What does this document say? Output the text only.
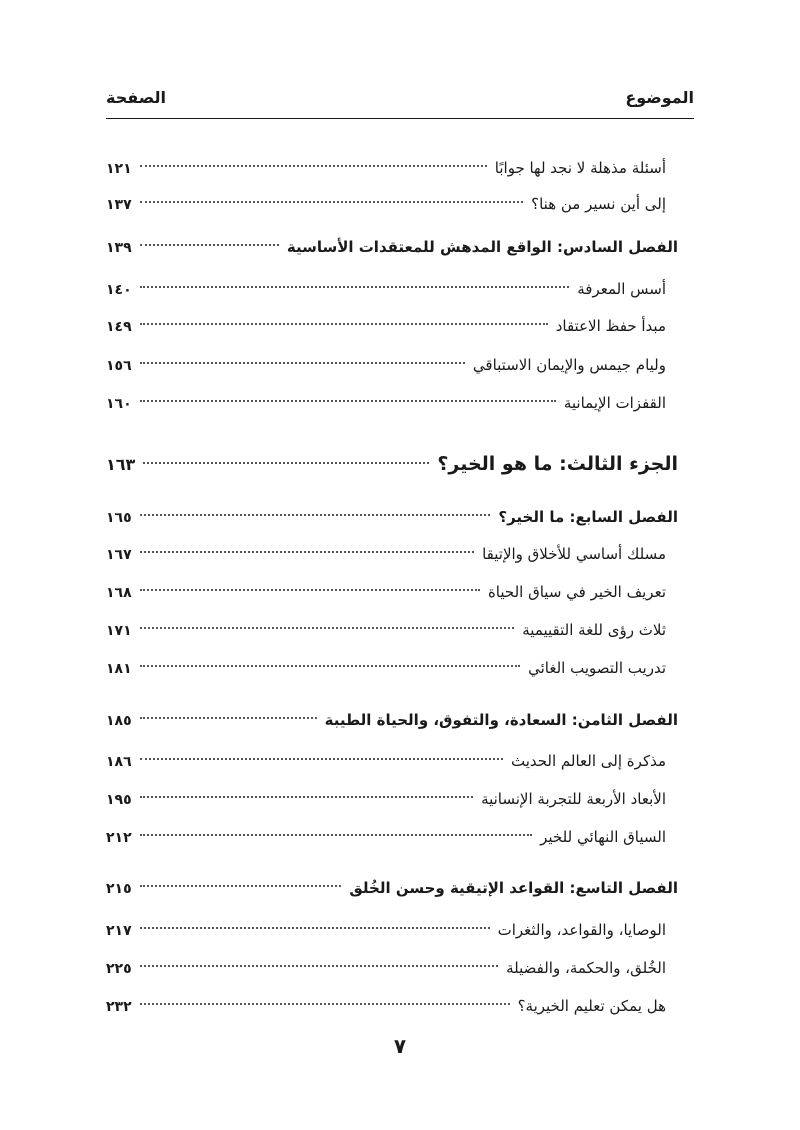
الموضوع
الصفحة
أسئلة مذهلة لا نجد لها جوابًا
١٢١
إلى أين نسير من هنا؟
١٣٧
الفصل السادس: الواقع المدهش للمعتقدات الأساسية
١٣٩
أسس المعرفة
١٤٠
مبدأ حفظ الاعتقاد
١٤٩
وليام جيمس والإيمان الاستباقي
١٥٦
القفزات الإيمانية
١٦٠
الجزء الثالث: ما هو الخير؟
١٦٣
الفصل السابع: ما الخير؟
١٦٥
مسلك أساسي للأخلاق والإتيقا
١٦٧
تعريف الخير في سياق الحياة
١٦٨
ثلاث رؤى للغة التقييمية
١٧١
تدريب التصويب الغائي
١٨١
الفصل الثامن: السعادة، والتفوق، والحياة الطيبة
١٨٥
مذكرة إلى العالم الحديث
١٨٦
الأبعاد الأربعة للتجربة الإنسانية
١٩٥
السياق النهائي للخير
٢١٢
الفصل التاسع: القواعد الإتيقية وحسن الخُلق
٢١٥
الوصايا، والقواعد، والثغرات
٢١٧
الخُلق، والحكمة، والفضيلة
٢٢٥
هل يمكن تعليم الخيرية؟
٢٣٢
٧
